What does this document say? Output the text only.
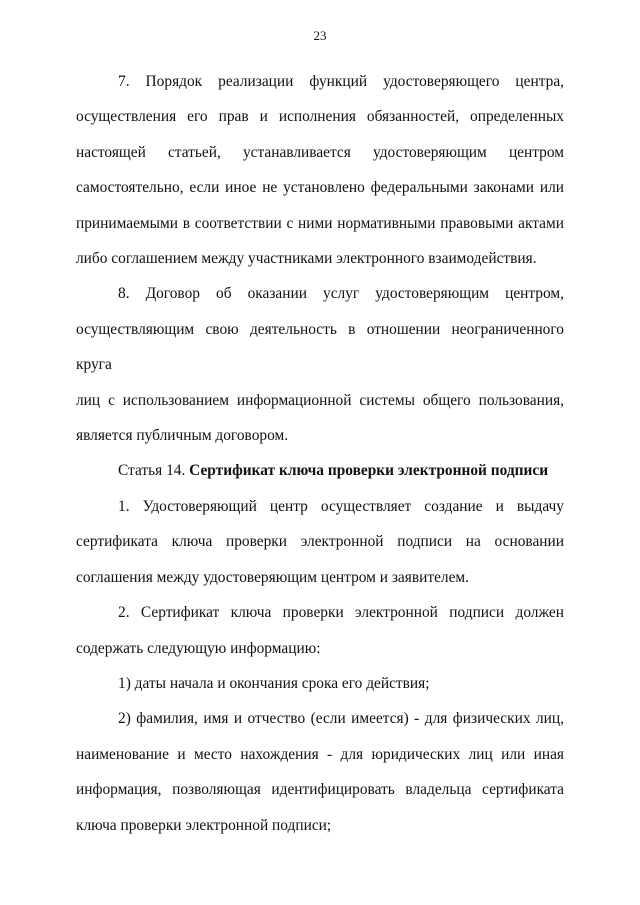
23
7. Порядок реализации функций удостоверяющего центра,
осуществления его прав и исполнения обязанностей, определенных
настоящей статьей, устанавливается удостоверяющим центром
самостоятельно, если иное не установлено федеральными законами или
принимаемыми в соответствии с ними нормативными правовыми актами
либо соглашением между участниками электронного взаимодействия.
8. Договор об оказании услуг удостоверяющим центром,
осуществляющим свою деятельность в отношении неограниченного круга
лиц с использованием информационной системы общего пользования,
является публичным договором.
Статья 14. Сертификат ключа проверки электронной подписи
1. Удостоверяющий центр осуществляет создание и выдачу
сертификата ключа проверки электронной подписи на основании
соглашения между удостоверяющим центром и заявителем.
2. Сертификат ключа проверки электронной подписи должен
содержать следующую информацию:
1) даты начала и окончания срока его действия;
2) фамилия, имя и отчество (если имеется) - для физических лиц,
наименование и место нахождения - для юридических лиц или иная
информация, позволяющая идентифицировать владельца сертификата
ключа проверки электронной подписи;
